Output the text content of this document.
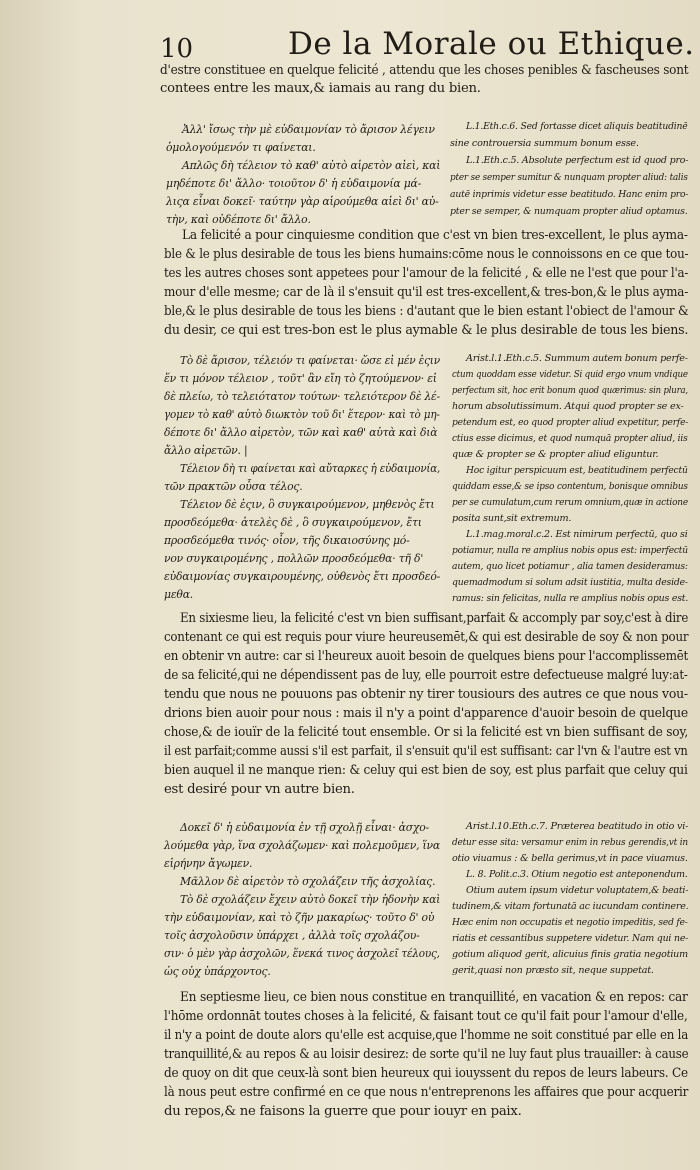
10	De la Morale ou Ethique.
d'estre constituee en quelque felicité , attendu que les choses penibles & fascheuses sont
contees entre les maux,& iamais au rang du bien.
Ἀλλ' ἴσως τὴν μὲ εὐδαιμονίαν τὸ ἄρισον λέγειν
ὁμολογούμενόν τι φαίνεται.
Απλῶς δὴ τέλειον τὸ καθ' αὑτὸ αἱρετὸν αἰεὶ, καὶ
μηδέποτε δι' ἄλλο· τοιοῦτον δ' ἡ εὐδαιμονία μά-
λιςα εἶναι δοκεῖ· ταύτην γὰρ αἱρούμεθα αἰεὶ δι' αὐ-
τὴν, καὶ οὐδέποτε δι' ἄλλο.
L.1.Eth.c.6. Sed fortasse dicet aliquis beatitudinē
sine controuersia summum bonum esse.
L.1.Eth.c.5. Absolute perfectum est id quod pro-
pter se semper sumitur & nunquam propter aliud: talis
autē inprimis videtur esse beatitudo. Hanc enim pro-
pter se semper, & numquam propter aliud optamus.
La felicité a pour cinquiesme condition que c'est vn bien tres-excellent, le plus ayma-
ble & le plus desirable de tous les biens humains:cōme nous le connoissons en ce que tou-
tes les autres choses sont appetees pour l'amour de la felicité , & elle ne l'est que pour l'a-
mour d'elle mesme; car de là il s'ensuit qu'il est tres-excellent,& tres-bon,& le plus ayma-
ble,& le plus desirable de tous les biens : d'autant que le bien estant l'obiect de l'amour &
du desir, ce qui est tres-bon est le plus aymable & le plus desirable de tous les biens.
Τὸ δὲ ἄρισον, τέλειόν τι φαίνεται· ὥσε εἰ μέν ἐςιν
ἕν τι μόνον τέλειον , τοῦτ' ἂν εἴη τὸ ζητούμενον· εἰ
δὲ πλείω, τὸ τελειότατον τούτων· τελειότερον δὲ λέ-
γομεν τὸ καθ' αὑτὸ διωκτὸν τοῦ δι' ἕτερον· καὶ τὸ μη-
δέποτε δι' ἄλλο αἱρετὸν, τῶν καὶ καθ' αὑτὰ καὶ διὰ
ἄλλο αἱρετῶν. |
Τέλειον δὴ τι φαίνεται καὶ αὔταρκες ἡ εὐδαιμονία,
τῶν πρακτῶν οὖσα τέλος.
Τέλειον δὲ ἐςιν, ὃ συγκαιρούμενον, μηθενὸς ἔτι
προσδεόμεθα· ἀτελὲς δὲ , ὃ συγκαιρούμενον, ἔτι
προσδεόμεθα τινός· οἷον, τῆς δικαιοσύνης μό-
νον συγκαιρομένης , πολλῶν προσδεόμεθα· τῆ δ'
εὐδαιμονίας συγκαιρουμένης, οὐθενὸς ἔτι προσδεό-
μεθα.
Arist.l.1.Eth.c.5. Summum autem bonum perfe-
ctum quoddam esse videtur. Si quid ergo vnum vndique
perfectum sit, hoc erit bonum quod quærimus: sin plura,
horum absolutissimum. Atqui quod propter se ex-
petendum est, eo quod propter aliud expetitur, perfe-
ctius esse dicimus, et quod numquā propter aliud, iis
quæ & propter se & propter aliud eliguntur.
Hoc igitur perspicuum est, beatitudinem perfectū
quiddam esse,& se ipso contentum, bonisque omnibus
per se cumulatum,cum rerum omnium,quæ in actione
posita sunt,sit extremum.
L.1.mag.moral.c.2. Est nimirum perfectū, quo si
potiamur, nulla re amplius nobis opus est: imperfectū
autem, quo licet potiamur , alia tamen desideramus:
quemadmodum si solum adsit iustitia, multa deside-
ramus: sin felicitas, nulla re amplius nobis opus est.
En sixiesme lieu, la felicité c'est vn bien suffisant,parfait & accomply par soy,c'est à dire
contenant ce qui est requis pour viure heureusemēt,& qui est desirable de soy & non pour
en obtenir vn autre: car si l'heureux auoit besoin de quelques biens pour l'accomplissemēt
de sa felicité,qui ne dépendissent pas de luy, elle pourroit estre defectueuse malgré luy:at-
tendu que nous ne pouuons pas obtenir ny tirer tousiours des autres ce que nous vou-
drions bien auoir pour nous : mais il n'y a point d'apparence d'auoir besoin de quelque
chose,& de iouïr de la felicité tout ensemble. Or si la felicité est vn bien suffisant de soy,
il est parfait;comme aussi s'il est parfait, il s'ensuit qu'il est suffisant: car l'vn & l'autre est vn
bien auquel il ne manque rien: & celuy qui est bien de soy, est plus parfait que celuy qui
est desiré pour vn autre bien.
Δοκεῖ δ' ἡ εὐδαιμονία ἐν τῇ σχολῇ εἶναι· ἀσχο-
λούμεθα γὰρ, ἵνα σχολάζωμεν· καὶ πολεμοῦμεν, ἵνα
εἰρήνην ἄγωμεν.
Μᾶλλον δὲ αἱρετὸν τὸ σχολάζειν τῆς ἀσχολίας.
Τὸ δὲ σχολάζειν ἔχειν αὐτὸ δοκεῖ τὴν ἡδονὴν καὶ
τὴν εὐδαιμονίαν, καὶ τὸ ζῆν μακαρίως· τοῦτο δ' οὐ
τοῖς ἀσχολοῦσιν ὑπάρχει , ἀλλὰ τοῖς σχολάζου-
σιν· ὁ μὲν γὰρ ἀσχολῶν, ἕνεκά τινος ἀσχολεῖ τέλους,
ὡς οὐχ ὑπάρχοντος.
Arist.l.10.Eth.c.7. Præterea beatitudo in otio vi-
detur esse sita: versamur enim in rebus gerendis,vt in
otio viuamus : & bella gerimus,vt in pace viuamus.
L. 8. Polit.c.3. Otium negotio est anteponendum.
Otium autem ipsum videtur voluptatem,& beati-
tudinem,& vitam fortunatā ac iucundam continere.
Hæc enim non occupatis et negotio impeditis, sed fe-
riatis et cessantibus suppetere videtur. Nam qui ne-
gotium aliquod gerit, alicuius finis gratia negotium
gerit,quasi non præsto sit, neque suppetat.
En septiesme lieu, ce bien nous constitue en tranquillité, en vacation & en repos: car
l'hōme ordonnāt toutes choses à la felicité, & faisant tout ce qu'il fait pour l'amour d'elle,
il n'y a point de doute alors qu'elle est acquise,que l'homme ne soit constitué par elle en la
tranquillité,& au repos & au loisir desirez: de sorte qu'il ne luy faut plus trauailler: à cause
de quoy on dit que ceux-là sont bien heureux qui iouyssent du repos de leurs labeurs. Ce
là nous peut estre confirmé en ce que nous n'entreprenons les affaires que pour acquerir
du repos,& ne faisons la guerre que pour iouyr en paix.
